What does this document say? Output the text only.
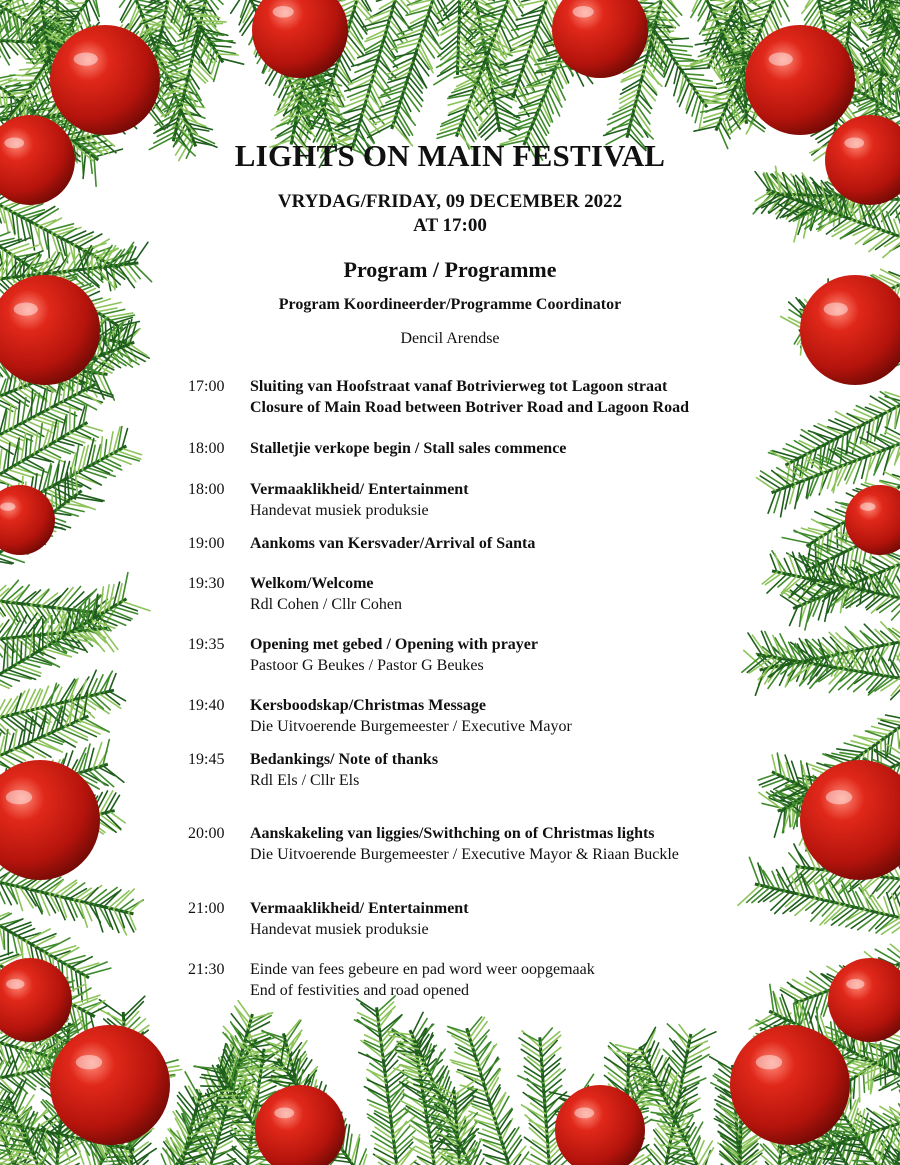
LIGHTS ON MAIN FESTIVAL
VRYDAG/FRIDAY, 09 DECEMBER 2022
AT 17:00
Program / Programme
Program Koordineerder/Programme Coordinator
Dencil Arendse
17:00 Sluiting van Hoofstraat vanaf Botrivierweg tot Lagoon straat
Closure of Main Road between Botriver Road and Lagoon Road
18:00 Stalletjie verkope begin / Stall sales commence
18:00 Vermaaklikheid/ Entertainment
Handevat musiek produksie
19:00 Aankoms van Kersvader/Arrival of Santa
19:30 Welkom/Welcome
Rdl Cohen / Cllr Cohen
19:35 Opening met gebed / Opening with prayer
Pastoor G Beukes / Pastor G Beukes
19:40 Kersboodskap/Christmas Message
Die Uitvoerende Burgemeester / Executive Mayor
19:45 Bedankings/ Note of thanks
Rdl Els / Cllr Els
20:00 Aanskakeling van liggies/Swithching on of Christmas lights
Die Uitvoerende Burgemeester / Executive Mayor & Riaan Buckle
21:00 Vermaaklikheid/ Entertainment
Handevat musiek produksie
21:30 Einde van fees gebeure en pad word weer oopgemaak
End of festivities and road opened
